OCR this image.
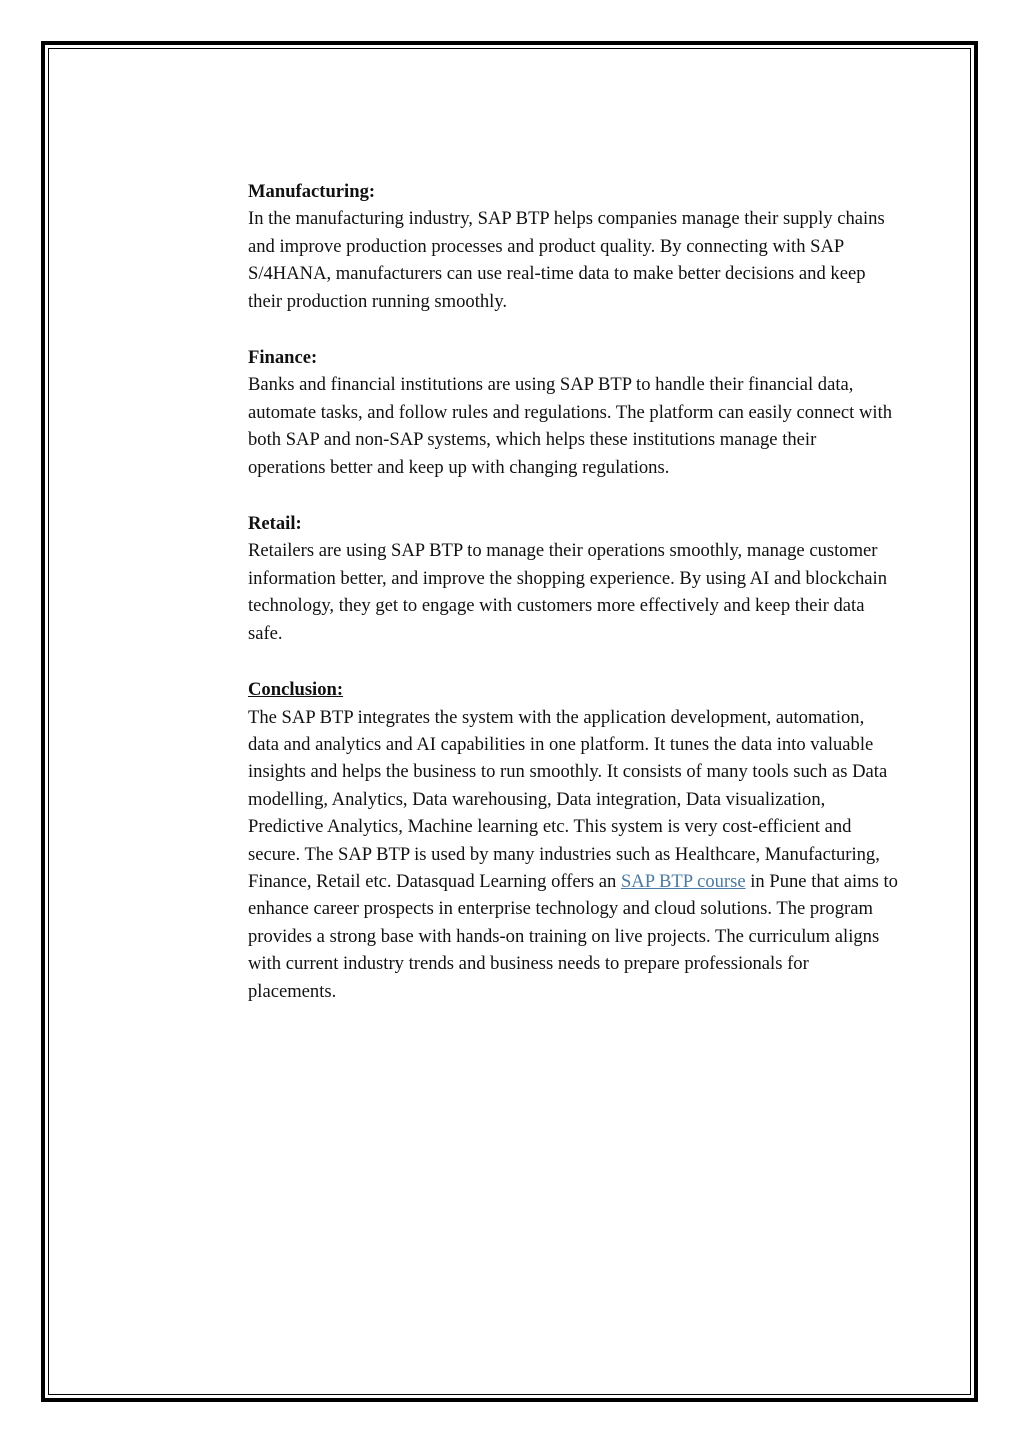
Manufacturing:

In the manufacturing industry, SAP BTP helps companies manage their supply chains and improve production processes and product quality. By connecting with SAP S/4HANA, manufacturers can use real-time data to make better decisions and keep their production running smoothly.

Finance:

Banks and financial institutions are using SAP BTP to handle their financial data, automate tasks, and follow rules and regulations. The platform can easily connect with both SAP and non-SAP systems, which helps these institutions manage their operations better and keep up with changing regulations.

Retail:

Retailers are using SAP BTP to manage their operations smoothly, manage customer information better, and improve the shopping experience. By using AI and blockchain technology, they get to engage with customers more effectively and keep their data safe.

Conclusion:

The SAP BTP integrates the system with the application development, automation, data and analytics and AI capabilities in one platform. It tunes the data into valuable insights and helps the business to run smoothly. It consists of many tools such as Data modelling, Analytics, Data warehousing, Data integration, Data visualization, Predictive Analytics, Machine learning etc. This system is very cost-efficient and secure. The SAP BTP is used by many industries such as Healthcare, Manufacturing, Finance, Retail etc. Datasquad Learning offers an SAP BTP course in Pune that aims to enhance career prospects in enterprise technology and cloud solutions. The program provides a strong base with hands-on training on live projects. The curriculum aligns with current industry trends and business needs to prepare professionals for placements.
